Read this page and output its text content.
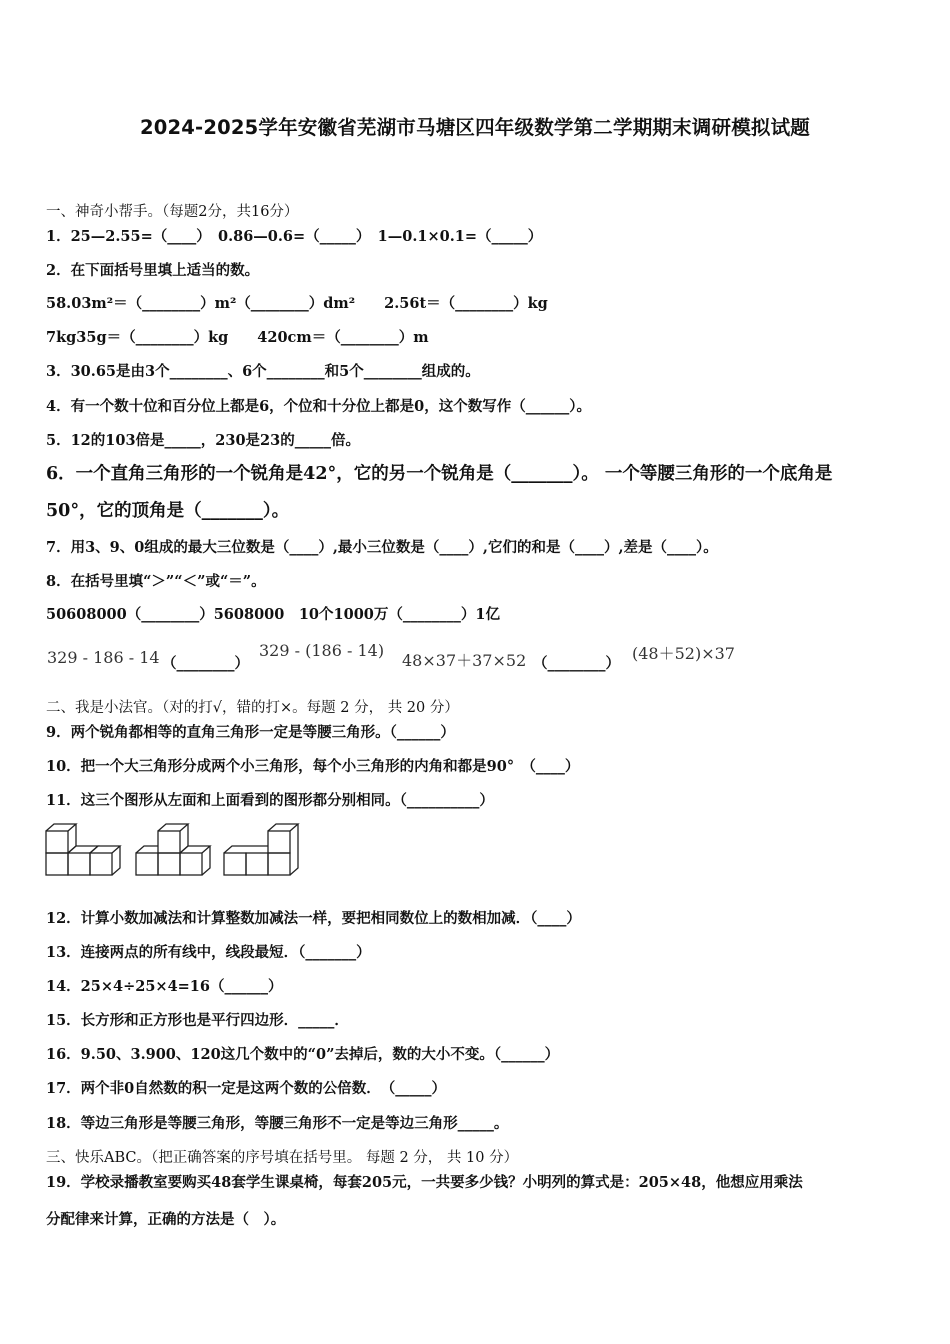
2024-2025学年安徽省芜湖市马塘区四年级数学第二学期期末调研模拟试题
一、神奇小帮手。（每题2分，共16分）
1．25—2.55=（____）　0.86—0.6=（_____）　1—0.1×0.1=（_____）
2．在下面括号里填上适当的数。
58.03m²＝（________）m²（________）dm²　　2.56t＝（________）kg
7kg35g＝（________）kg　　420cm＝（________）m
3．30.65是由3个________、6个________和5个________组成的。
4．有一个数十位和百分位上都是6，个位和十分位上都是0，这个数写作（______）。
5．12的103倍是_____，230是23的_____倍。
6．一个直角三角形的一个锐角是42°，它的另一个锐角是（_______）。 一个等腰三角形的一个底角是
50°，它的顶角是（_______）。
7．用3、9、0组成的最大三位数是（____）,最小三位数是（____）,它们的和是（____）,差是（____）。
8．在括号里填“＞”“＜”或“＝”。
50608000（________）5608000　10个1000万（________）1亿
329 - 186 - 14 （________）
329 - (186 - 14)
48×37＋37×52 （________）
(48＋52)×37
二、我是小法官。（对的打√，错的打×。每题 2 分， 共 20 分）
9．两个锐角都相等的直角三角形一定是等腰三角形。（______）
10．把一个大三角形分成两个小三角形，每个小三角形的内角和都是90°　（____）
11．这三个图形从左面和上面看到的图形都分别相同。（__________）
12．计算小数加减法和计算整数加减法一样，要把相同数位上的数相加减．（____）
13．连接两点的所有线中，线段最短．（_______）
14．25×4÷25×4=16（______）
15．长方形和正方形也是平行四边形．_____．
16．9.50、3.900、120这几个数中的“0”去掉后，数的大小不变。（______）
17．两个非0自然数的积一定是这两个数的公倍数．　（_____）
18．等边三角形是等腰三角形，等腰三角形不一定是等边三角形_____。
三、快乐ABC。（把正确答案的序号填在括号里。 每题 2 分， 共 10 分）
19．学校录播教室要购买48套学生课桌椅，每套205元，一共要多少钱？小明列的算式是：205×48，他想应用乘法
分配律来计算，正确的方法是（　）。
